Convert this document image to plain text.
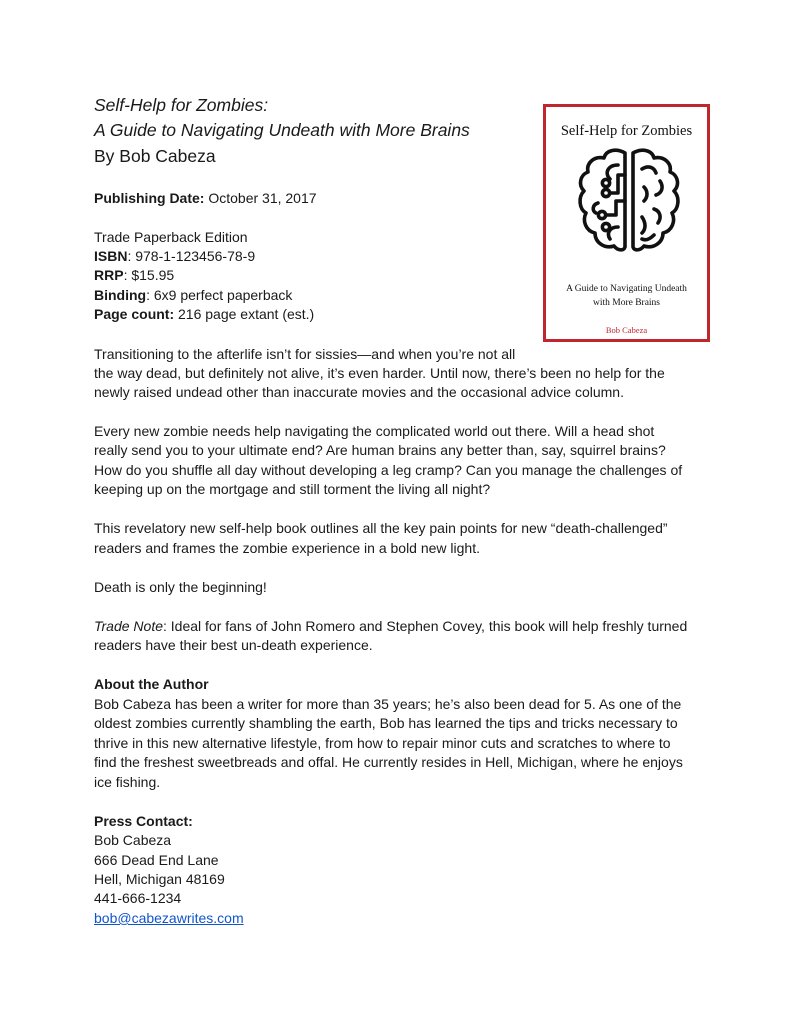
Self-Help for Zombies:

A Guide to Navigating Undeath with More Brains

By Bob Cabeza

Publishing Date: October 31, 2017

Trade Paperback Edition

ISBN: 978-1-123456-78-9

RRP: $15.95

Binding: 6x9 perfect paperback

Page count: 216 page extant (est.)

Self-Help for Zombies
A Guide to Navigating Undeath
with More Brains
Bob Cabeza

Transitioning to the afterlife isn’t for sissies—and when you’re not all

the way dead, but definitely not alive, it’s even harder. Until now, there’s been no help for the

newly raised undead other than inaccurate movies and the occasional advice column.

Every new zombie needs help navigating the complicated world out there. Will a head shot

really send you to your ultimate end? Are human brains any better than, say, squirrel brains?

How do you shuffle all day without developing a leg cramp? Can you manage the challenges of

keeping up on the mortgage and still torment the living all night?

This revelatory new self-help book outlines all the key pain points for new “death-challenged”

readers and frames the zombie experience in a bold new light.

Death is only the beginning!

Trade Note: Ideal for fans of John Romero and Stephen Covey, this book will help freshly turned

readers have their best un-death experience.

About the Author

Bob Cabeza has been a writer for more than 35 years; he’s also been dead for 5. As one of the

oldest zombies currently shambling the earth, Bob has learned the tips and tricks necessary to

thrive in this new alternative lifestyle, from how to repair minor cuts and scratches to where to

find the freshest sweetbreads and offal. He currently resides in Hell, Michigan, where he enjoys

ice fishing.

Press Contact:

Bob Cabeza

666 Dead End Lane

Hell, Michigan 48169

441-666-1234

bob@cabezawrites.com
